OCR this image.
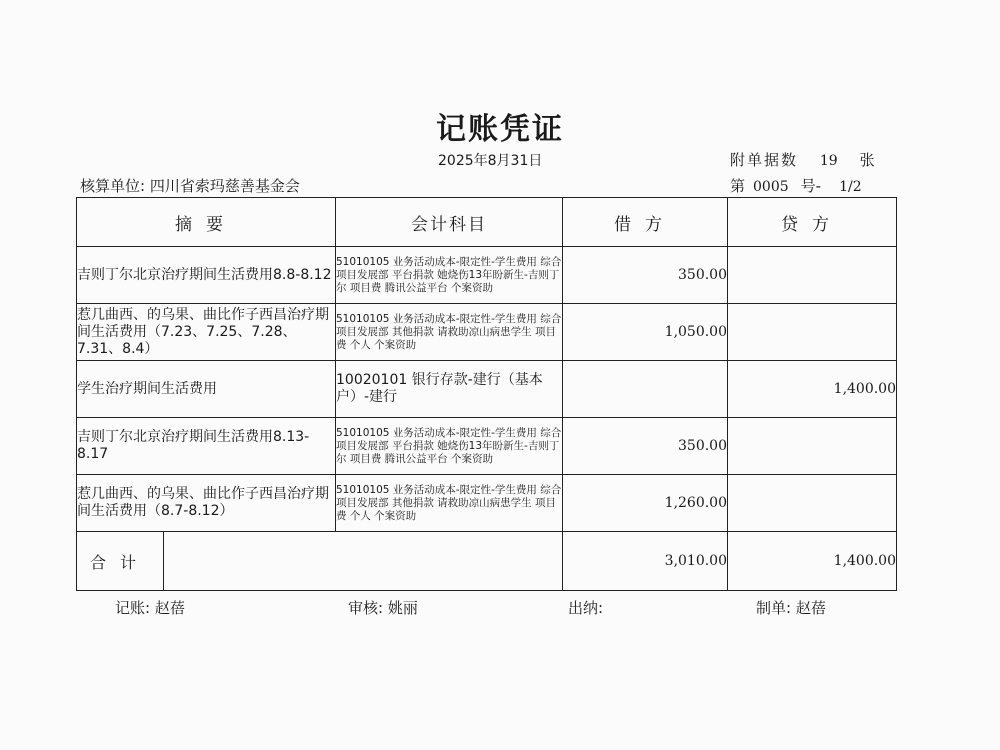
记账凭证
2025年8月31日	附单据数 19 张
核算单位: 四川省索玛慈善基金会	第 0005 号- 1/2
摘要	会计科目	借方	贷方
吉则丁尔北京治疗期间生活费用8.8-8.12	51010105 业务活动成本-限定性-学生费用 综合项目发展部 平台捐款 她烧伤13年盼新生-吉则丁尔 项目费 腾讯公益平台 个案资助	350.00	
惹几曲西、的乌果、曲比作子西昌治疗期间生活费用（7.23、7.25、7.28、7.31、8.4）	51010105 业务活动成本-限定性-学生费用 综合项目发展部 其他捐款 请救助凉山病患学生 项目费 个人 个案资助	1,050.00	
学生治疗期间生活费用	10020101 银行存款-建行（基本户）-建行		1,400.00
吉则丁尔北京治疗期间生活费用8.13-8.17	51010105 业务活动成本-限定性-学生费用 综合项目发展部 平台捐款 她烧伤13年盼新生-吉则丁尔 项目费 腾讯公益平台 个案资助	350.00	
惹几曲西、的乌果、曲比作子西昌治疗期间生活费用（8.7-8.12）	51010105 业务活动成本-限定性-学生费用 综合项目发展部 其他捐款 请救助凉山病患学生 项目费 个人 个案资助	1,260.00	

合计		3,010.00	1,400.00
记账: 赵蓓	审核: 姚丽	出纳:	制单: 赵蓓
